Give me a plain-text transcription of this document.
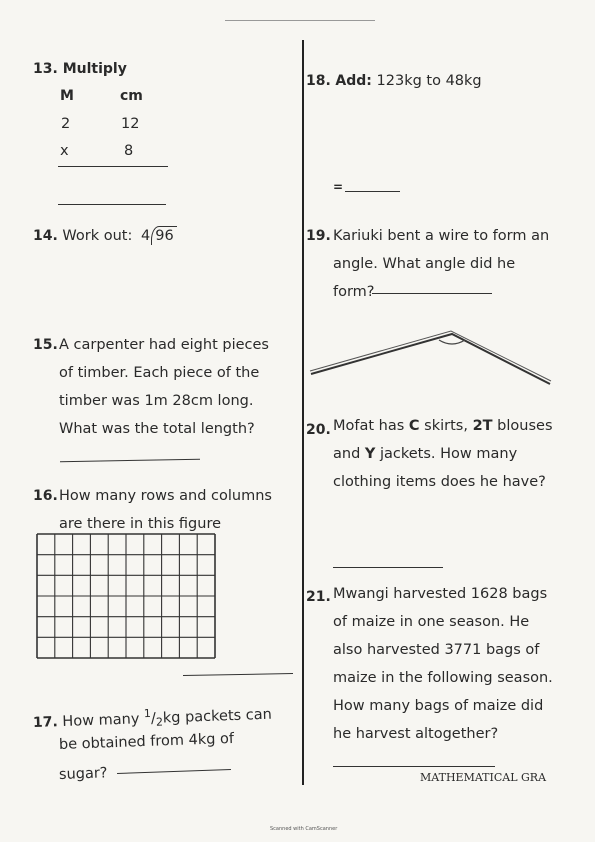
13. Multiply
M	cm
2	12
x	8
14. Work out: 4 96
15. A carpenter had eight pieces
of timber. Each piece of the
timber was 1m 28cm long.
What was the total length?
16. How many rows and columns
are there in this figure
17. How many $^1/_2kg$ packets can
be obtained from 4kg of
sugar?
18. Add: 123kg to 48kg
=
19. Kariuki bent a wire to form an
angle. What angle did he
form?
20. Mofat has C skirts, 2T blouses
and Y jackets. How many
clothing items does he have?
21. Mwangi harvested 1628 bags
of maize in one season. He
also harvested 3771 bags of
maize in the following season.
How many bags of maize did
he harvest altogether?
MATHEMATICAL GRA
Scanned with CamScanner
